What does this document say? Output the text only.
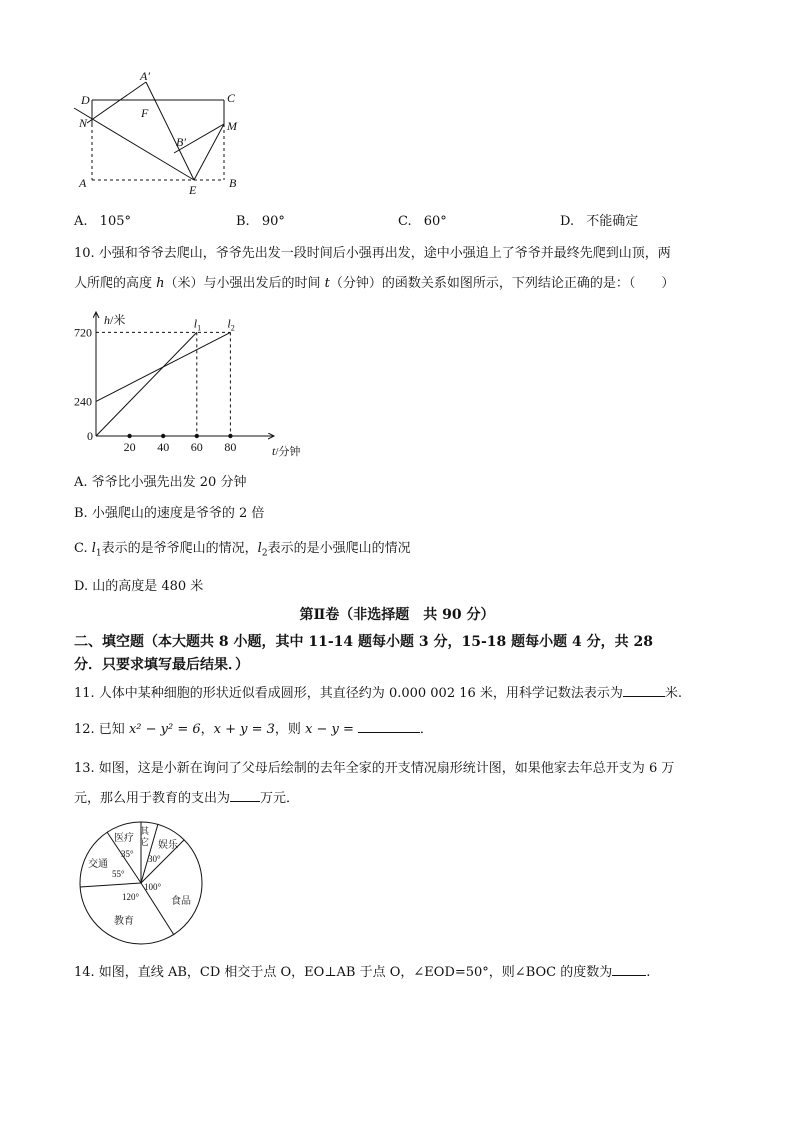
A′
D	C
N
F
M
B′
A	E	B
A. 105°	B. 90°	C. 60°	D. 不能确定
10. 小强和爷爷去爬山，爷爷先出发一段时间后小强再出发，途中小强追上了爷爷并最终先爬到山顶，两
人所爬的高度 h（米）与小强出发后的时间 t（分钟）的函数关系如图所示，下列结论正确的是：（　　）
20 40 60 80
240
720
h/米
t/分钟
0
$l_1$ $l_2$
A. 爷爷比小强先出发 20 分钟
B. 小强爬山的速度是爷爷的 2 倍
C. $l_1$表示的是爷爷爬山的情况，$l_2$表示的是小强爬山的情况
D. 山的高度是 480 米
第Ⅱ卷（非选择题　共 90 分）
二、填空题（本大题共 8 小题，其中 11-14 题每小题 3 分，15-18 题每小题 4 分，共 28
分．只要求填写最后结果．）
11. 人体中某种细胞的形状近似看成圆形，其直径约为 0.000 002 16 米，用科学记数法表示为	米.
12. 已知 x² − y² = 6，x + y = 3，则 x − y =	．
13. 如图，这是小新在询问了父母后绘制的去年全家的开支情况扇形统计图，如果他家去年总开支为 6 万
元，那么用于教育的支出为 万元．
医疗
其
它 娱乐
交通
食品
教育
35° 30°
55°
100°
120°
14. 如图，直线 AB，CD 相交于点 O，EO⊥AB 于点 O，∠EOD=50°，则∠BOC 的度数为	.
